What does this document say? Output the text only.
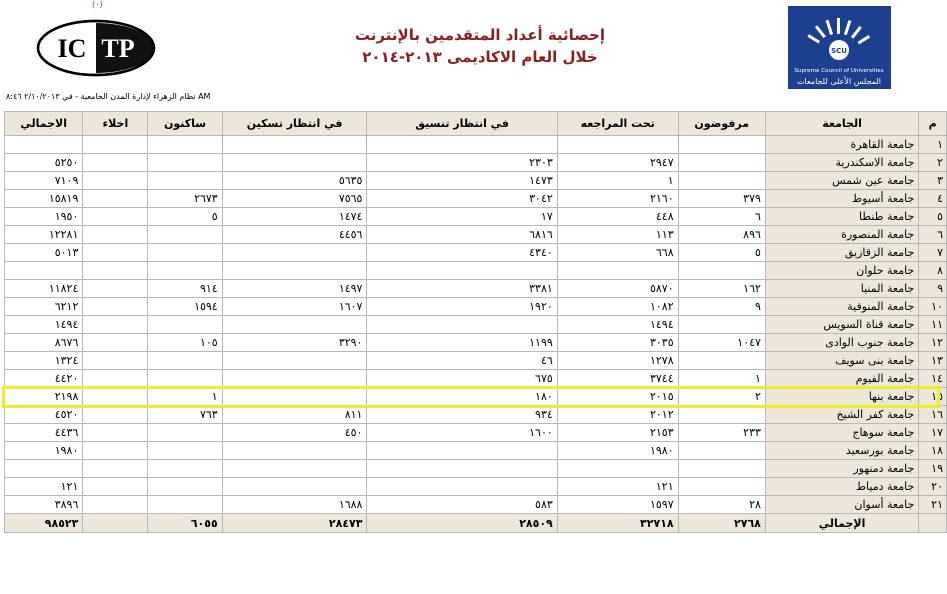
(٠)
IC TP	إحصائية أعداد المتقدمين بالإنترنت
خلال العام الاكاديمى ٢٠١٣-٢٠١٤	SCU
Supreme Council of Universities
المجلس الأعلى للجامعات
نظام الزهراء لإدارة المدن الجامعية - في ٢/١٠/٢٠١٣ ٨:٤٦ AM
م	الجامعة	مرفوضون	تحت المراجعه	في انتظار تنسيق	في انتظار تسكين	ساكنون	اخلاء	الاجمالي
١	جامعة القاهرة							
٢	جامعة الاسكندرية		٢٩٤٧	٢٣٠٣				٥٢٥٠
٣	جامعة عين شمس		١	١٤٧٣	٥٦٣٥			٧١٠٩
٤	جامعة أسيوط	٣٧٩	٢١٦٠	٣٠٤٢	٧٥٦٥	٢٦٧٣		١٥٨١٩
٥	جامعة طنطا	٦	٤٤٨	١٧	١٤٧٤	٥		١٩٥٠
٦	جامعة المنصورة	٨٩٦	١١٣	٦٨١٦	٤٤٥٦			١٢٢٨١
٧	جامعة الزقازيق	٥	٦٦٨	٤٣٤٠				٥٠١٣
٨	جامعة حلوان							
٩	جامعة المنيا	١٦٢	٥٨٧٠	٣٣٨١	١٤٩٧	٩١٤		١١٨٢٤
١٠	جامعة المنوفية	٩	١٠٨٢	١٩٢٠	١٦٠٧	١٥٩٤		٦٢١٢
١١	جامعة قناة السويس		١٤٩٤					١٤٩٤
١٢	جامعة جنوب الوادى	١٠٤٧	٣٠٣٥	١١٩٩	٣٢٩٠	١٠٥		٨٦٧٦
١٣	جامعة بنى سويف		١٢٧٨	٤٦				١٣٢٤
١٤	جامعة الفيوم	١	٣٧٤٤	٦٧٥				٤٤٢٠
١٥	جامعة بنها	٢	٢٠١٥	١٨٠		١		٢١٩٨
١٦	جامعة كفر الشيخ		٢٠١٢	٩٣٤	٨١١	٧٦٣		٤٥٢٠
١٧	جامعة سوهاج	٢٣٣	٢١٥٣	١٦٠٠	٤٥٠			٤٤٣٦
١٨	جامعة بورسعيد		١٩٨٠					١٩٨٠
١٩	جامعة دمنهور							
٢٠	جامعة دمياط		١٢١					١٢١
٢١	جامعة أسوان	٢٨	١٥٩٧	٥٨٣	١٦٨٨			٣٨٩٦
	الإجمالي	٢٧٦٨	٣٢٧١٨	٢٨٥٠٩	٢٨٤٧٣	٦٠٥٥		٩٨٥٢٣
